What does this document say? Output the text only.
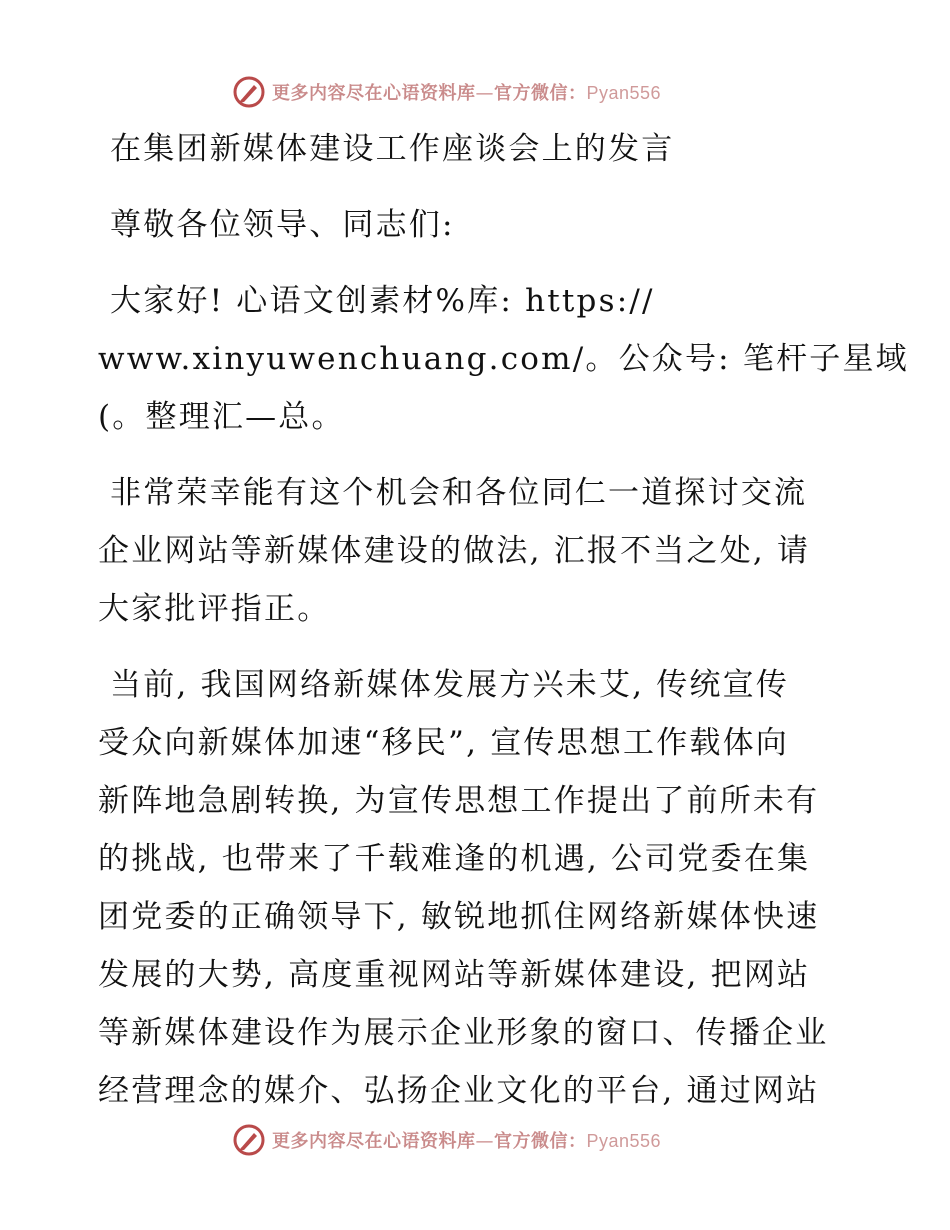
更多内容尽在心语资料库—官方微信：Pyan556
在集团新媒体建设工作座谈会上的发言
尊敬各位领导、同志们:
大家好! 心语文创素材%库: https://
www.xinyuwenchuang.com/。公众号: 笔杆子星域
(。整理汇—总。
非常荣幸能有这个机会和各位同仁一道探讨交流
企业网站等新媒体建设的做法, 汇报不当之处, 请
大家批评指正。
当前, 我国网络新媒体发展方兴未艾, 传统宣传
受众向新媒体加速“移民”, 宣传思想工作载体向
新阵地急剧转换, 为宣传思想工作提出了前所未有
的挑战, 也带来了千载难逢的机遇, 公司党委在集
团党委的正确领导下, 敏锐地抓住网络新媒体快速
发展的大势, 高度重视网站等新媒体建设, 把网站
等新媒体建设作为展示企业形象的窗口、传播企业
经营理念的媒介、弘扬企业文化的平台, 通过网站
更多内容尽在心语资料库—官方微信：Pyan556
